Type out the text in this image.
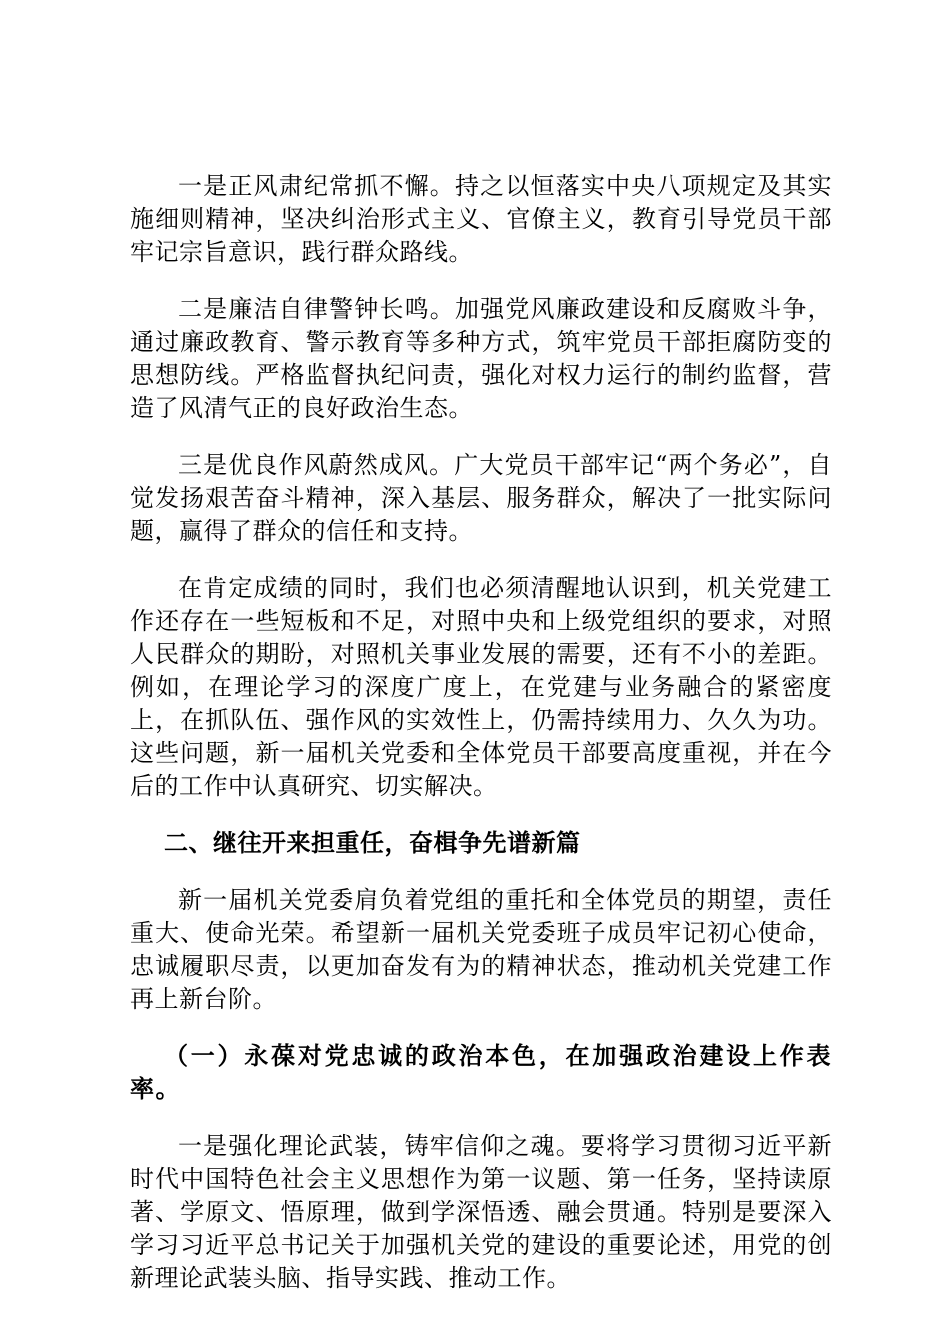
一是正风肃纪常抓不懈。持之以恒落实中央八项规定及其实施细则精神，坚决纠治形式主义、官僚主义，教育引导党员干部牢记宗旨意识，践行群众路线。

二是廉洁自律警钟长鸣。加强党风廉政建设和反腐败斗争，通过廉政教育、警示教育等多种方式，筑牢党员干部拒腐防变的思想防线。严格监督执纪问责，强化对权力运行的制约监督，营造了风清气正的良好政治生态。

三是优良作风蔚然成风。广大党员干部牢记“两个务必”，自觉发扬艰苦奋斗精神，深入基层、服务群众，解决了一批实际问题，赢得了群众的信任和支持。

在肯定成绩的同时，我们也必须清醒地认识到，机关党建工作还存在一些短板和不足，对照中央和上级党组织的要求，对照人民群众的期盼，对照机关事业发展的需要，还有不小的差距。例如，在理论学习的深度广度上，在党建与业务融合的紧密度上，在抓队伍、强作风的实效性上，仍需持续用力、久久为功。这些问题，新一届机关党委和全体党员干部要高度重视，并在今后的工作中认真研究、切实解决。

二、继往开来担重任，奋楫争先谱新篇

新一届机关党委肩负着党组的重托和全体党员的期望，责任重大、使命光荣。希望新一届机关党委班子成员牢记初心使命，忠诚履职尽责，以更加奋发有为的精神状态，推动机关党建工作再上新台阶。

（一）永葆对党忠诚的政治本色，在加强政治建设上作表率。

一是强化理论武装，铸牢信仰之魂。要将学习贯彻习近平新时代中国特色社会主义思想作为第一议题、第一任务，坚持读原著、学原文、悟原理，做到学深悟透、融会贯通。特别是要深入学习习近平总书记关于加强机关党的建设的重要论述，用党的创新理论武装头脑、指导实践、推动工作。
